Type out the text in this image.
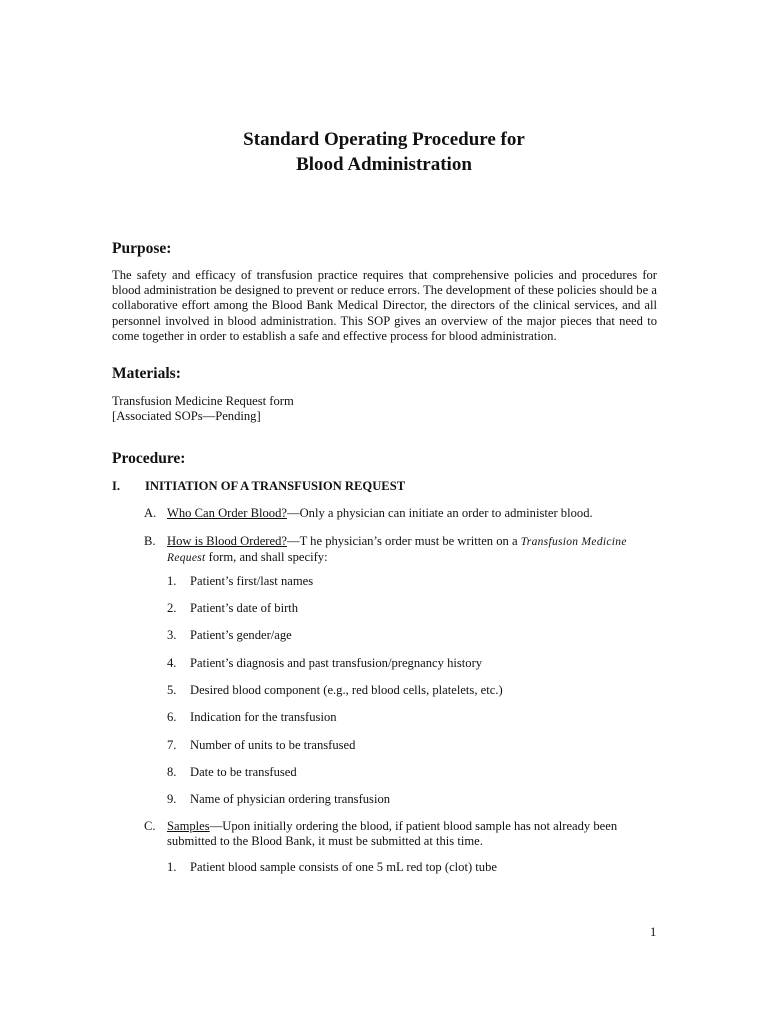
Standard Operating Procedure for
Blood Administration
Purpose:
The safety and efficacy of transfusion practice requires that comprehensive policies and procedures for blood administration be designed to prevent or reduce errors. The development of these policies should be a collaborative effort among the Blood Bank Medical Director, the directors of the clinical services, and all personnel involved in blood administration. This SOP gives an overview of the major pieces that need to come together in order to establish a safe and effective process for blood administration.
Materials:
Transfusion Medicine Request form
[Associated SOPs—Pending]
Procedure:
I. INITIATION OF A TRANSFUSION REQUEST
A. Who Can Order Blood?—Only a physician can initiate an order to administer blood.
B. How is Blood Ordered?—T he physician’s order must be written on a Transfusion Medicine Request form, and shall specify:
1. Patient’s first/last names
2. Patient’s date of birth
3. Patient’s gender/age
4. Patient’s diagnosis and past transfusion/pregnancy history
5. Desired blood component (e.g., red blood cells, platelets, etc.)
6. Indication for the transfusion
7. Number of units to be transfused
8. Date to be transfused
9. Name of physician ordering transfusion
C. Samples—Upon initially ordering the blood, if patient blood sample has not already been submitted to the Blood Bank, it must be submitted at this time.
1. Patient blood sample consists of one 5 mL red top (clot) tube
1
